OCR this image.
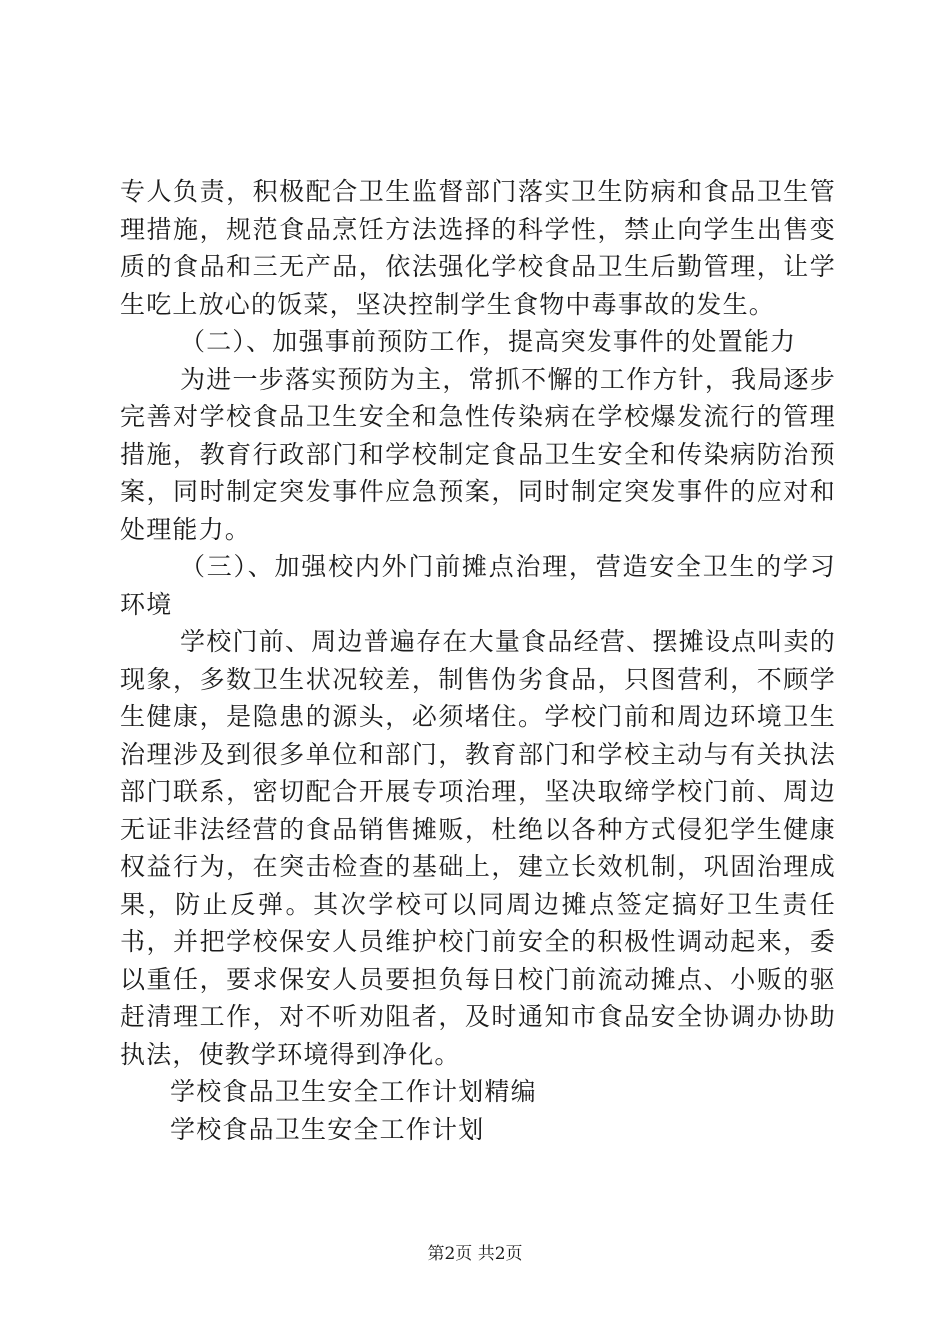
专人负责，积极配合卫生监督部门落实卫生防病和食品卫生管理措施，规范食品烹饪方法选择的科学性，禁止向学生出售变质的食品和三无产品，依法强化学校食品卫生后勤管理，让学生吃上放心的饭菜，坚决控制学生食物中毒事故的发生。

（二）、加强事前预防工作，提高突发事件的处置能力

为进一步落实预防为主，常抓不懈的工作方针，我局逐步完善对学校食品卫生安全和急性传染病在学校爆发流行的管理措施，教育行政部门和学校制定食品卫生安全和传染病防治预案，同时制定突发事件应急预案，同时制定突发事件的应对和处理能力。

（三）、加强校内外门前摊点治理，营造安全卫生的学习环境

学校门前、周边普遍存在大量食品经营、摆摊设点叫卖的现象，多数卫生状况较差，制售伪劣食品，只图营利，不顾学生健康，是隐患的源头，必须堵住。学校门前和周边环境卫生治理涉及到很多单位和部门，教育部门和学校主动与有关执法部门联系，密切配合开展专项治理，坚决取缔学校门前、周边无证非法经营的食品销售摊贩，杜绝以各种方式侵犯学生健康权益行为，在突击检查的基础上，建立长效机制，巩固治理成果，防止反弹。其次学校可以同周边摊点签定搞好卫生责任书，并把学校保安人员维护校门前安全的积极性调动起来，委以重任，要求保安人员要担负每日校门前流动摊点、小贩的驱赶清理工作，对不听劝阻者，及时通知市食品安全协调办协助执法，使教学环境得到净化。

学校食品卫生安全工作计划精编

学校食品卫生安全工作计划

第2页 共2页
